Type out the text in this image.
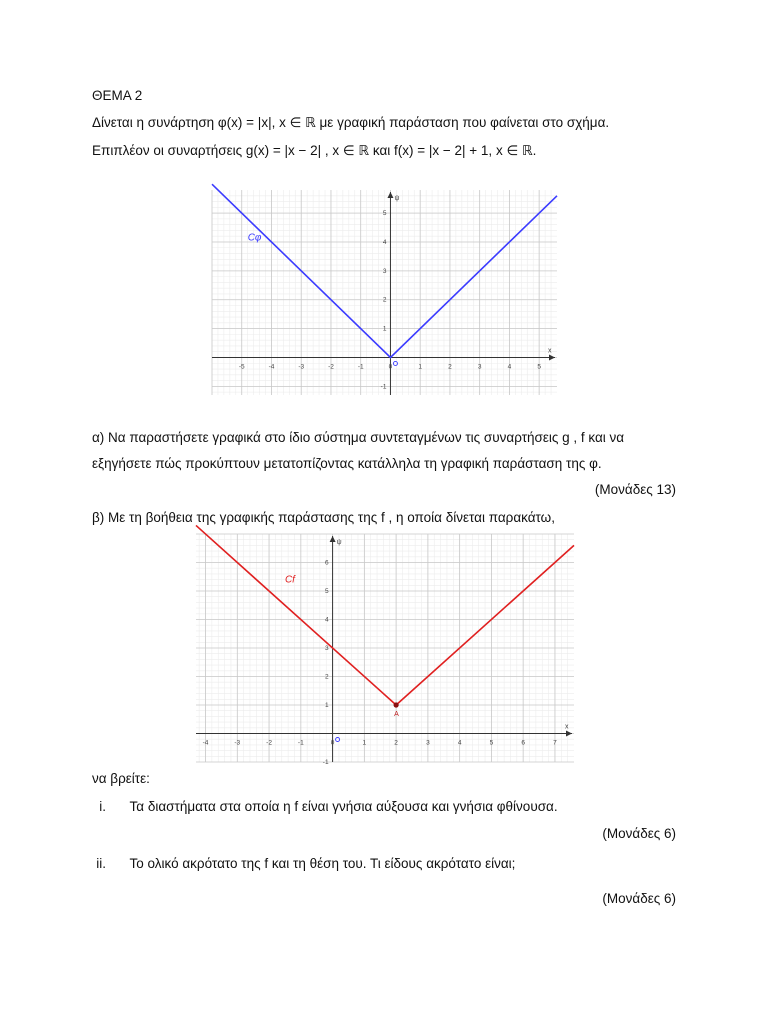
ΘΕΜΑ 2
Δίνεται η συνάρτηση φ(x) = |x|, x ∈ ℝ με γραφική παράσταση που φαίνεται στο σχήμα.
Επιπλέον οι συναρτήσεις g(x) = |x − 2| , x ∈ ℝ και f(x) = |x − 2| + 1, x ∈ ℝ.
-5	-4	-3	-2	-1	0	1	2	3	4	5
-1
1
2
3
4
5
x
ψ
Cφ
α) Να παραστήσετε γραφικά στο ίδιο σύστημα συντεταγμένων τις συναρτήσεις g , f και να
εξηγήσετε πώς προκύπτουν μετατοπίζοντας κατάλληλα τη γραφική παράσταση της φ.
(Μονάδες 13)
β) Με τη βοήθεια της γραφικής παράστασης της f , η οποία δίνεται παρακάτω,
-4	-3	-2	-1	0	1	2	3	4	5	6	7
-1
1
2
3
4
5
6
x
ψ
Cf
A
να βρείτε:
i. Τα διαστήματα στα οποία η f είναι γνήσια αύξουσα και γνήσια φθίνουσα.
(Μονάδες 6)
ii. Το ολικό ακρότατο της f και τη θέση του. Τι είδους ακρότατο είναι;
(Μονάδες 6)
